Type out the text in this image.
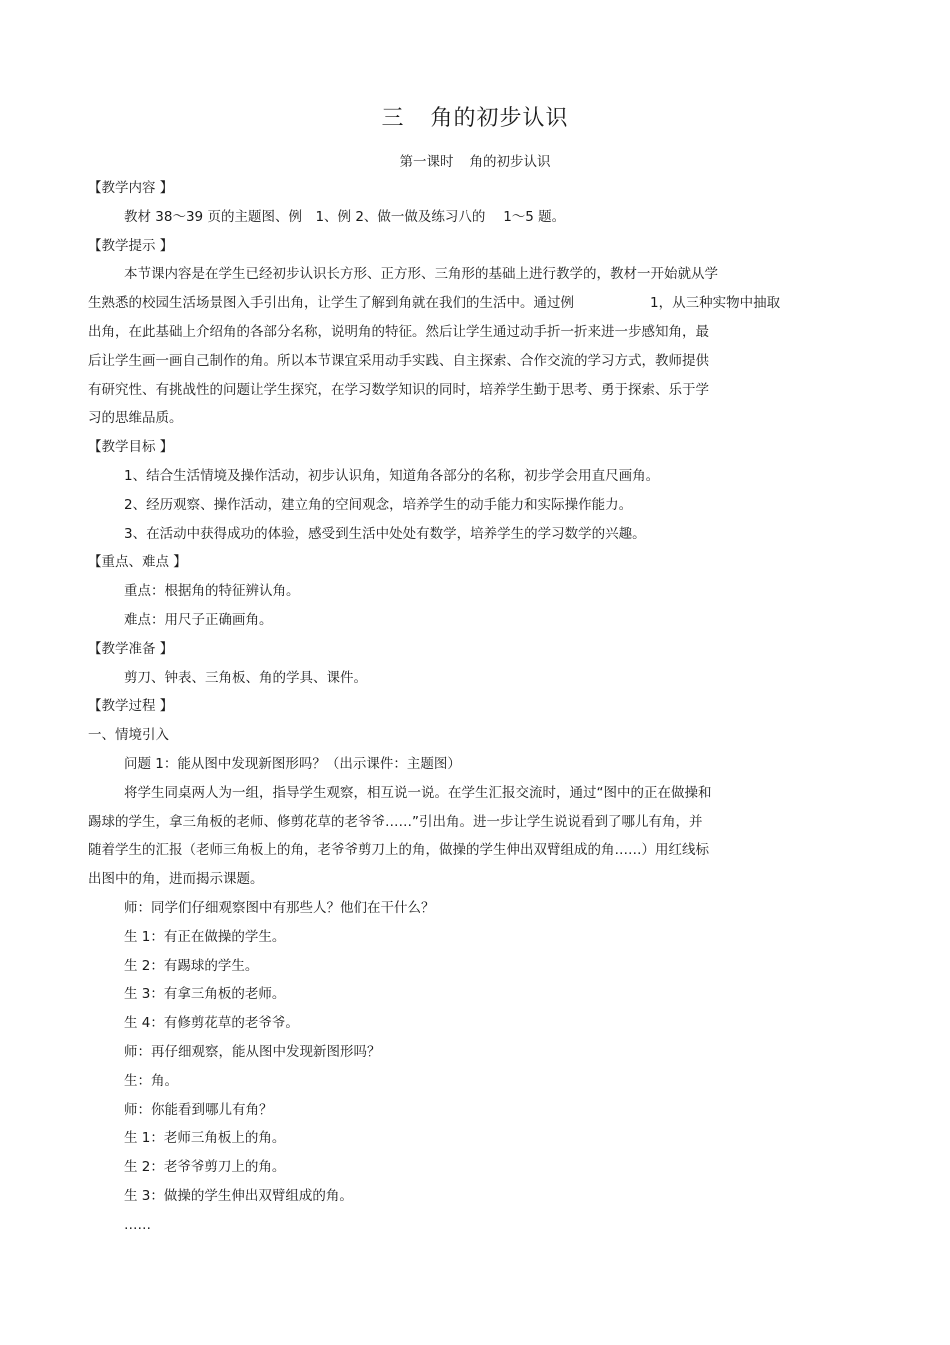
三 角的初步认识
第一课时 角的初步认识
【教学内容 】
教材 38～39 页的主题图、例　1、例 2、做一做及练习八的　 1～5 题。
【教学提示 】
本节课内容是在学生已经初步认识长方形、正方形、三角形的基础上进行教学的，教材一开始就从学
生熟悉的校园生活场景图入手引出角，让学生了解到角就在我们的生活中。通过例	1，从三种实物中抽取
出角，在此基础上介绍角的各部分名称，说明角的特征。然后让学生通过动手折一折来进一步感知角，最
后让学生画一画自己制作的角。所以本节课宜采用动手实践、自主探索、合作交流的学习方式，教师提供
有研究性、有挑战性的问题让学生探究，在学习数学知识的同时，培养学生勤于思考、勇于探索、乐于学
习的思维品质。
【教学目标 】
1、结合生活情境及操作活动，初步认识角，知道角各部分的名称，初步学会用直尺画角。
2、经历观察、操作活动，建立角的空间观念，培养学生的动手能力和实际操作能力。
3、在活动中获得成功的体验，感受到生活中处处有数学，培养学生的学习数学的兴趣。
【重点、难点 】
重点：根据角的特征辨认角。
难点：用尺子正确画角。
【教学准备 】
剪刀、钟表、三角板、角的学具、课件。
【教学过程 】
一、情境引入
问题 1：能从图中发现新图形吗？（出示课件：主题图）
将学生同桌两人为一组，指导学生观察，相互说一说。在学生汇报交流时，通过“图中的正在做操和
踢球的学生，拿三角板的老师、修剪花草的老爷爷……”引出角。进一步让学生说说看到了哪儿有角，并
随着学生的汇报（老师三角板上的角，老爷爷剪刀上的角，做操的学生伸出双臂组成的角……）用红线标
出图中的角，进而揭示课题。
师：同学们仔细观察图中有那些人？他们在干什么？
生 1：有正在做操的学生。
生 2：有踢球的学生。
生 3：有拿三角板的老师。
生 4：有修剪花草的老爷爷。
师：再仔细观察，能从图中发现新图形吗？
生：角。
师：你能看到哪儿有角？
生 1：老师三角板上的角。
生 2：老爷爷剪刀上的角。
生 3：做操的学生伸出双臂组成的角。
……
